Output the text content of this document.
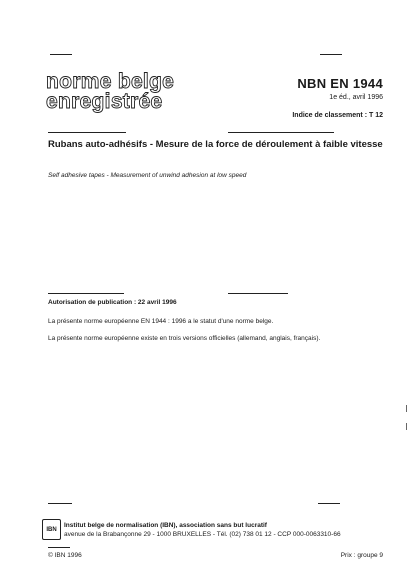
norme belge
enregistrée
NBN EN 1944
1e éd., avril 1996
Indice de classement : T 12
Rubans auto-adhésifs - Mesure de la force de déroulement à faible vitesse
Self adhesive tapes - Measurement of unwind adhesion at low speed
Autorisation de publication : 22 avril 1996
La présente norme européenne EN 1944 : 1996 a le statut d'une norme belge.
La présente norme européenne existe en trois versions officielles (allemand, anglais, français).
IBN
Institut belge de normalisation (IBN), association sans but lucratif
avenue de la Brabançonne 29 - 1000 BRUXELLES - Tél. (02) 738 01 12 - CCP 000-0063310-66
© IBN 1996	Prix : groupe 9
